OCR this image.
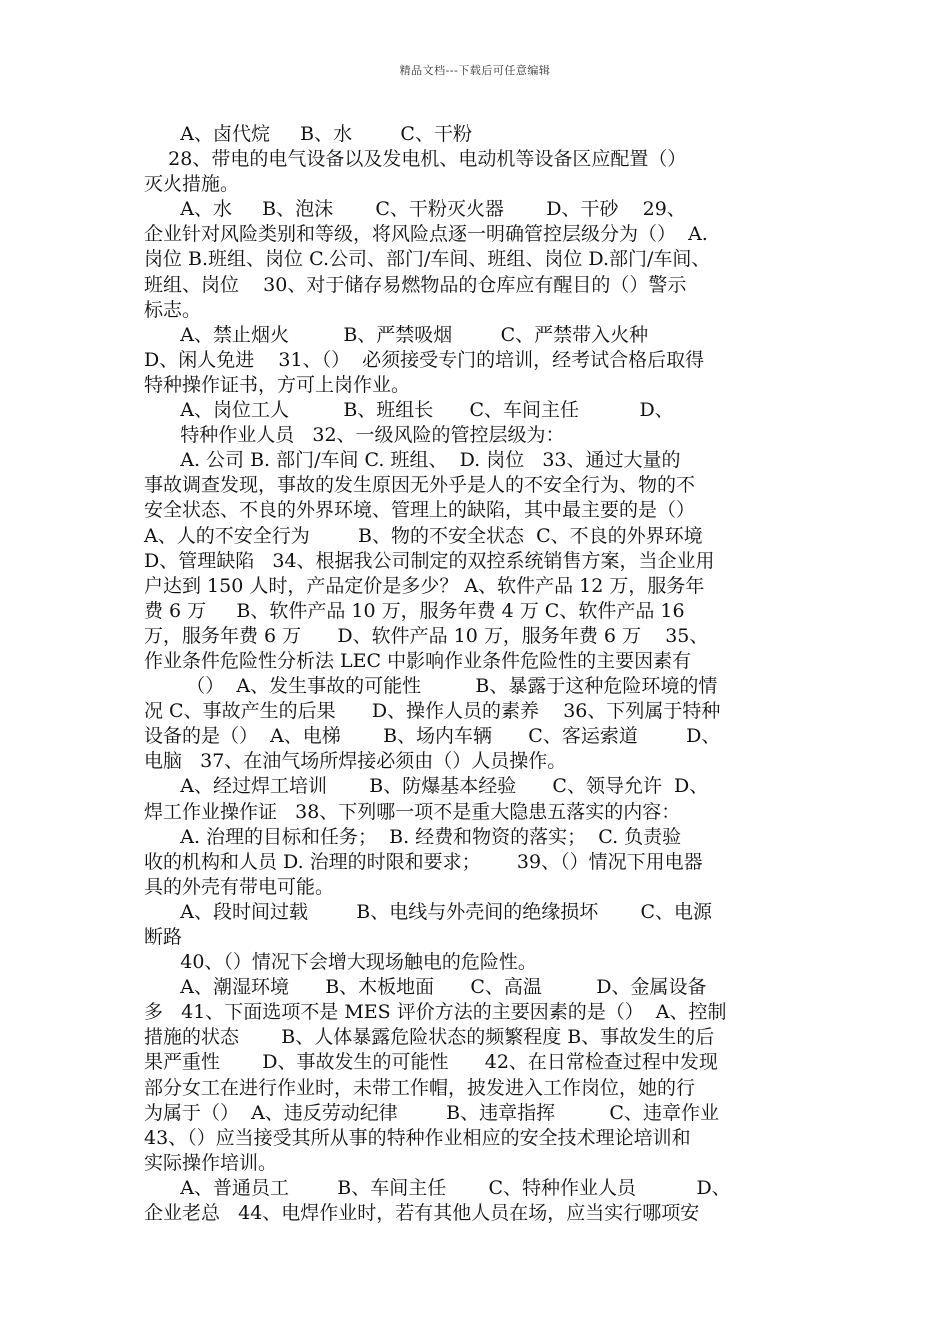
精品文档---下载后可任意编辑
A、卤代烷     B、水        C、干粉
28、带电的电气设备以及发电机、电动机等设备区应配置（）
灭火措施。
A、水     B、泡沫       C、干粉灭火器       D、干砂    29、
企业针对风险类别和等级，将风险点逐一明确管控层级分为（）  A.
岗位 B.班组、岗位 C.公司、部门/车间、班组、岗位 D.部门/车间、
班组、岗位    30、对于储存易燃物品的仓库应有醒目的（）警示
标志。
A、禁止烟火         B、严禁吸烟        C、严禁带入火种
D、闲人免进    31、（）  必须接受专门的培训，经考试合格后取得
特种操作证书，方可上岗作业。
A、岗位工人         B、班组长      C、车间主任          D、
特种作业人员   32、一级风险的管控层级为：
A. 公司 B. 部门/车间 C. 班组、  D. 岗位   33、通过大量的
事故调查发现，事故的发生原因无外乎是人的不安全行为、物的不
安全状态、不良的外界环境、管理上的缺陷，其中最主要的是（）
A、人的不安全行为        B、物的不安全状态  C、不良的外界环境
D、管理缺陷   34、根据我公司制定的双控系统销售方案，当企业用
户达到 150 人时，产品定价是多少？ A、软件产品 12 万，服务年
费 6 万     B、软件产品 10 万，服务年费 4 万 C、软件产品 16
万，服务年费 6 万      D、软件产品 10 万，服务年费 6 万    35、
作业条件危险性分析法 LEC 中影响作业条件危险性的主要因素有
（）  A、发生事故的可能性         B、暴露于这种危险环境的情
况 C、事故产生的后果      D、操作人员的素养    36、下列属于特种
设备的是（）  A、电梯       B、场内车辆      C、客运索道        D、
电脑   37、在油气场所焊接必须由（）人员操作。
A、经过焊工培训       B、防爆基本经验      C、领导允许  D、
焊工作业操作证   38、下列哪一项不是重大隐患五落实的内容：
A. 治理的目标和任务；  B. 经费和物资的落实；  C. 负责验
收的机构和人员 D. 治理的时限和要求；      39、（）情况下用电器
具的外壳有带电可能。
A、段时间过载        B、电线与外壳间的绝缘损坏       C、电源
断路
40、（）情况下会增大现场触电的危险性。
A、潮湿环境      B、木板地面      C、高温         D、金属设备
多   41、下面选项不是 MES 评价方法的主要因素的是（）  A、控制
措施的状态       B、人体暴露危险状态的频繁程度 B、事故发生的后
果严重性       D、事故发生的可能性      42、在日常检查过程中发现
部分女工在进行作业时，未带工作帽，披发进入工作岗位，她的行
为属于（）  A、违反劳动纪律        B、违章指挥         C、违章作业
43、（）应当接受其所从事的特种作业相应的安全技术理论培训和
实际操作培训。
A、普通员工        B、车间主任       C、特种作业人员          D、
企业老总   44、电焊作业时，若有其他人员在场，应当实行哪项安
